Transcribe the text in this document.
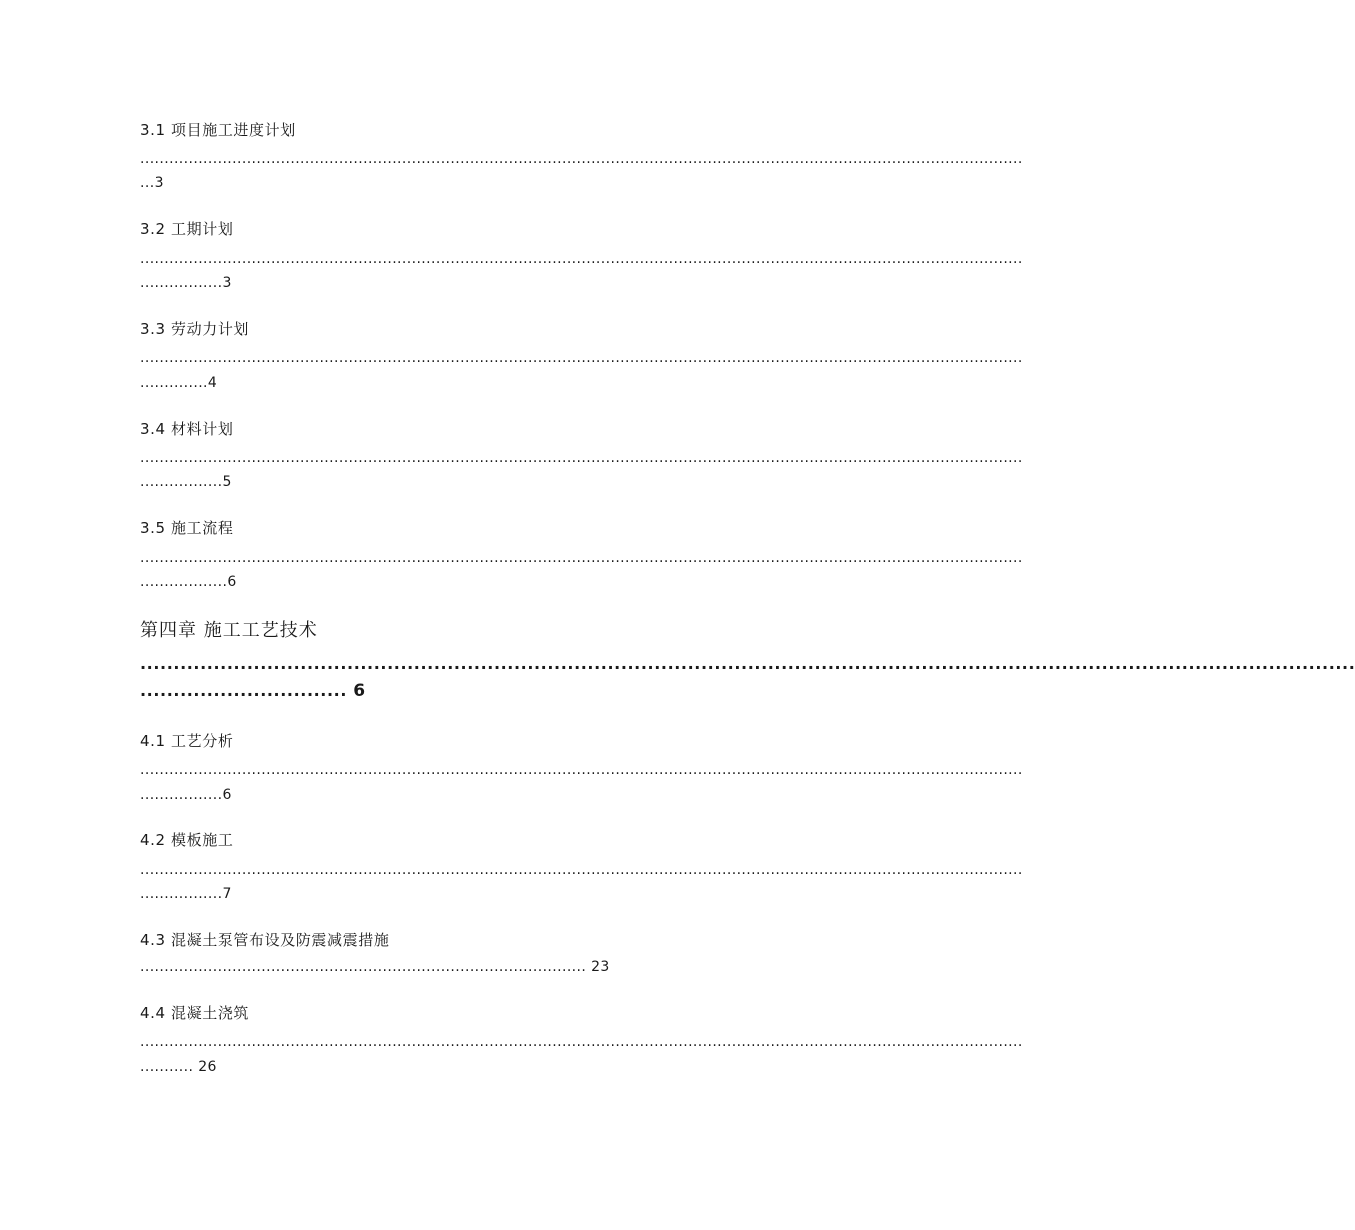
3.1 项目施工进度计划
......................................................................................................................................................................................
...3
3.2 工期计划
......................................................................................................................................................................................
.................3
3.3 劳动力计划
......................................................................................................................................................................................
..............4
3.4 材料计划
......................................................................................................................................................................................
.................5
3.5 施工流程
......................................................................................................................................................................................
..................6
第四章 施工工艺技术
......................................................................................................................................................................................
............................... 6
4.1 工艺分析
......................................................................................................................................................................................
.................6
4.2 模板施工
......................................................................................................................................................................................
.................7
4.3 混凝土泵管布设及防震减震措施
............................................................................................ 23
4.4 混凝土浇筑
......................................................................................................................................................................................
........... 26
